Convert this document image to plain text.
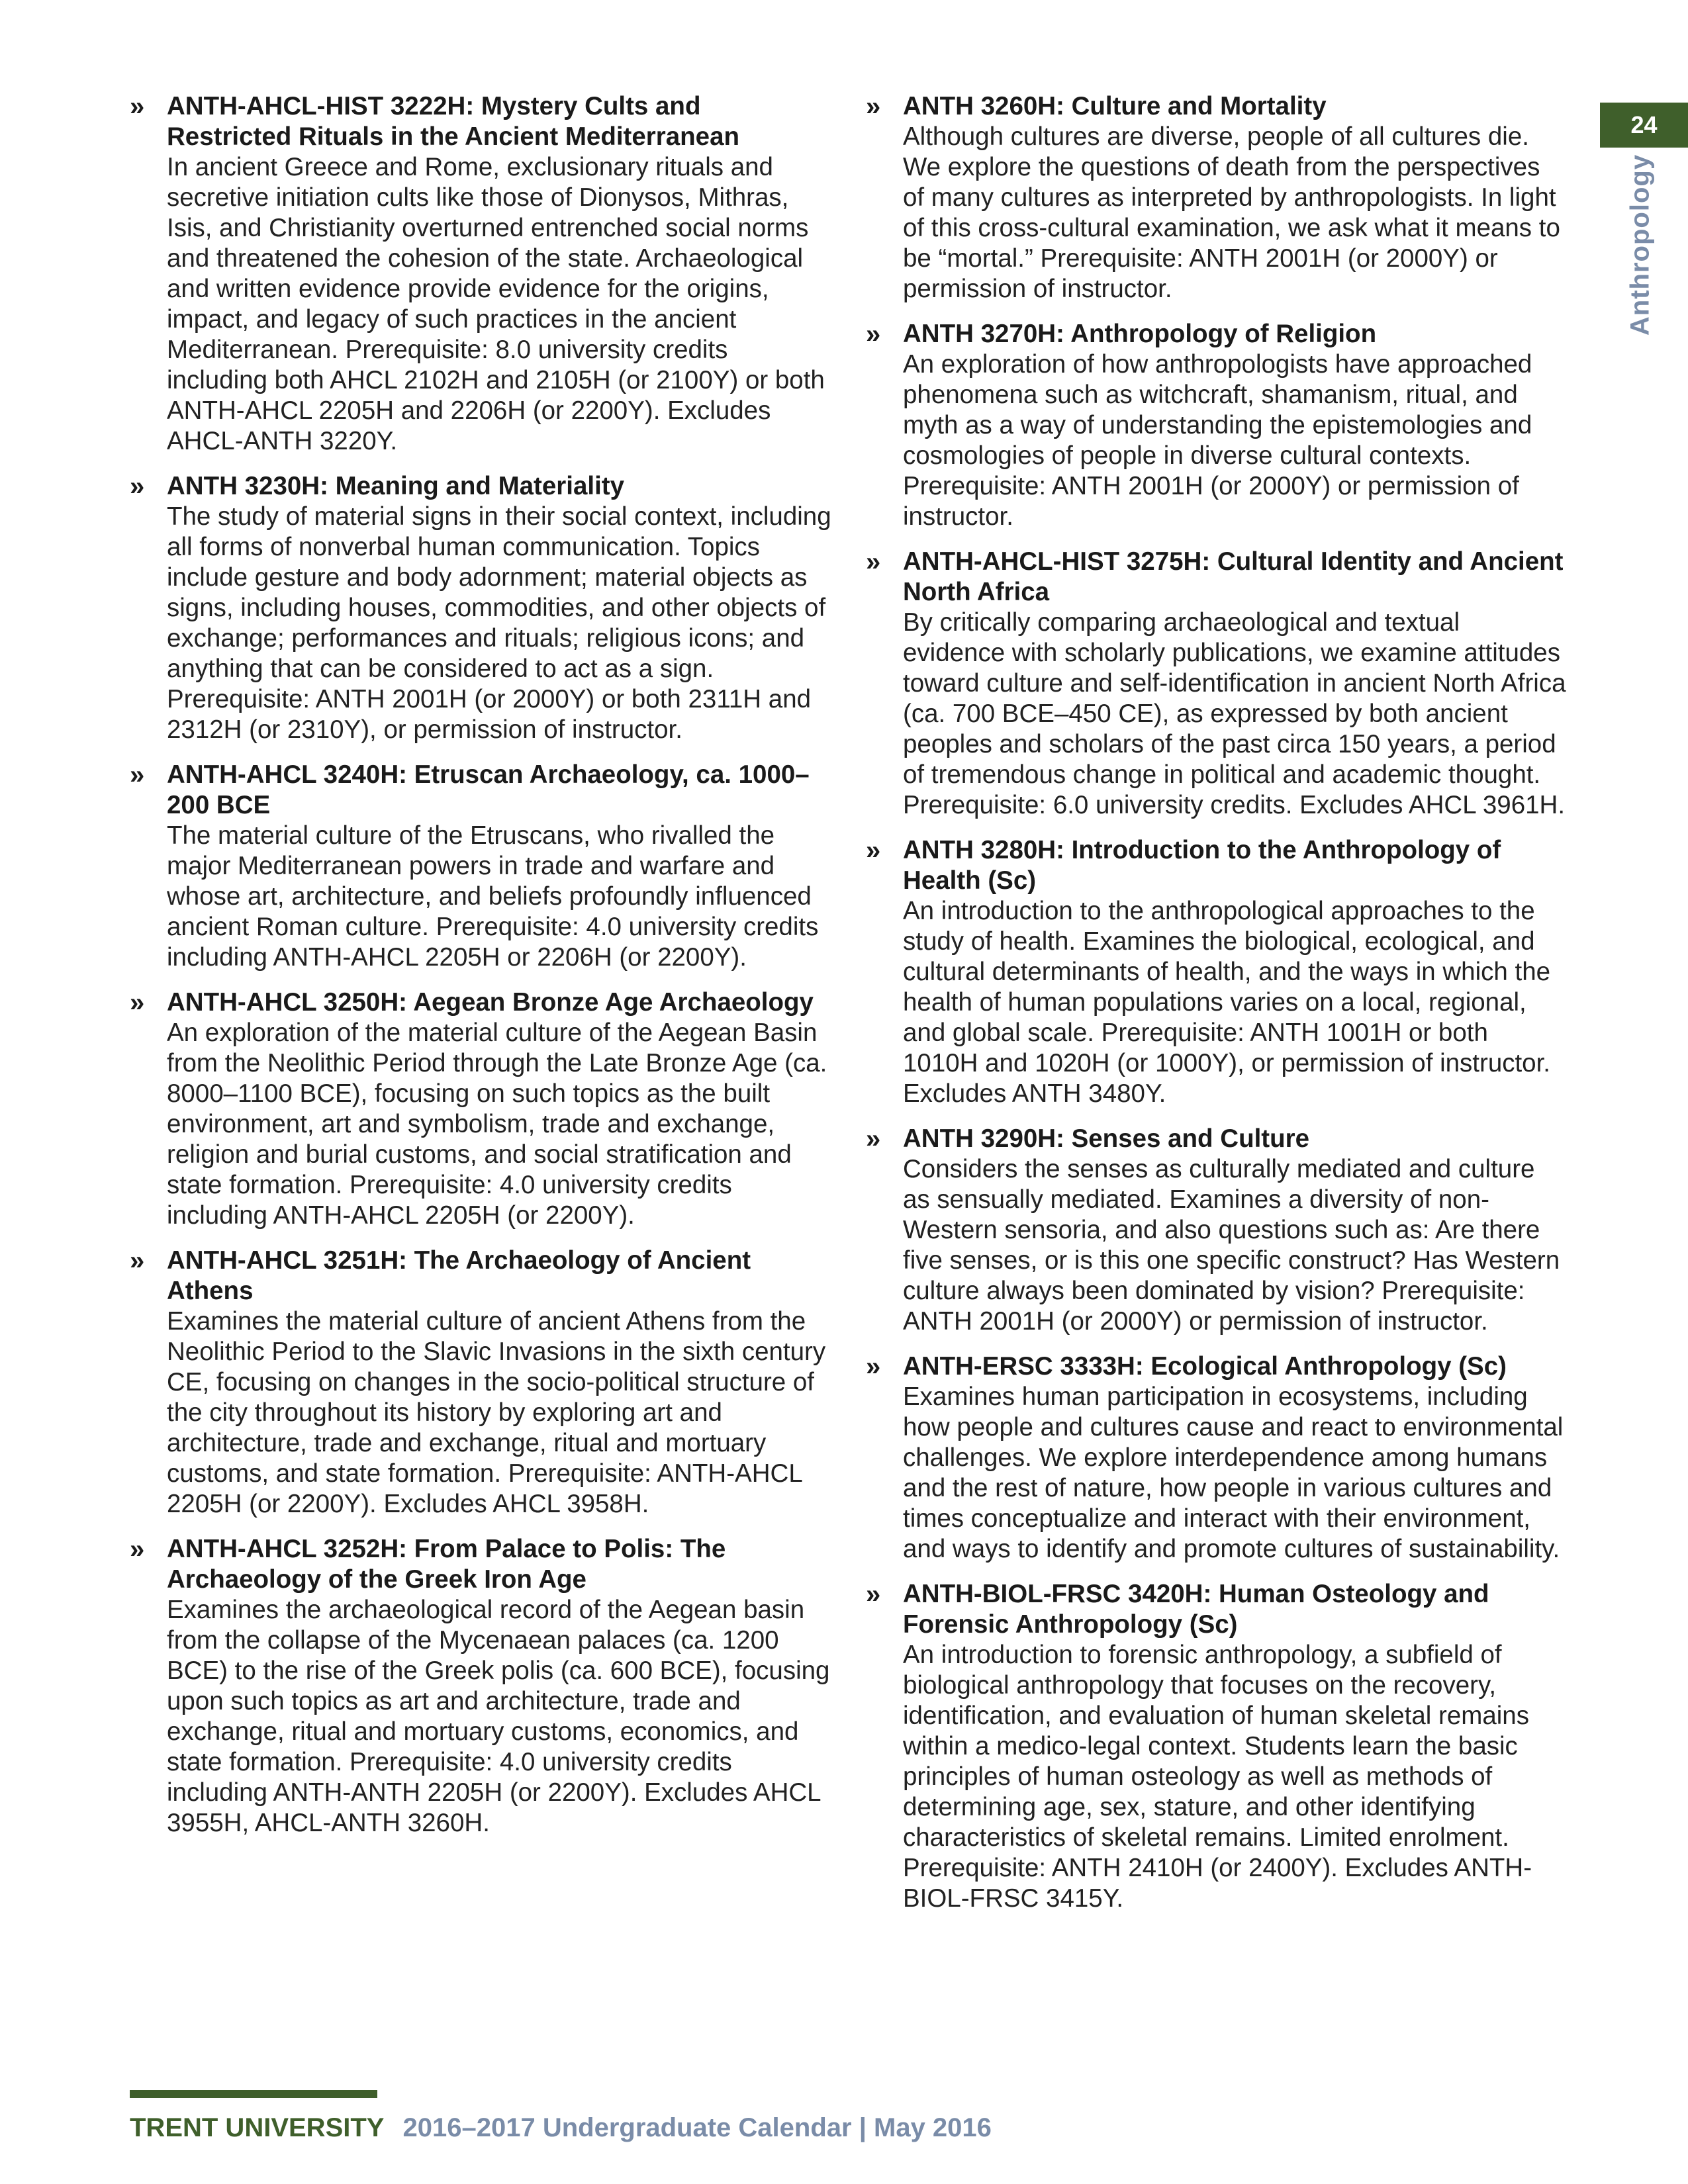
24
Anthropology
» ANTH-AHCL-HIST 3222H: Mystery Cults and Restricted Rituals in the Ancient Mediterranean
In ancient Greece and Rome, exclusionary rituals and secretive initiation cults like those of Dionysos, Mithras, Isis, and Christianity overturned entrenched social norms and threatened the cohesion of the state. Archaeological and written evidence provide evidence for the origins, impact, and legacy of such practices in the ancient Mediterranean. Prerequisite: 8.0 university credits including both AHCL 2102H and 2105H (or 2100Y) or both ANTH-AHCL 2205H and 2206H (or 2200Y). Excludes AHCL-ANTH 3220Y.
» ANTH 3230H: Meaning and Materiality
The study of material signs in their social context, including all forms of nonverbal human communication. Topics include gesture and body adornment; material objects as signs, including houses, commodities, and other objects of exchange; performances and rituals; religious icons; and anything that can be considered to act as a sign. Prerequisite: ANTH 2001H (or 2000Y) or both 2311H and 2312H (or 2310Y), or permission of instructor.
» ANTH-AHCL 3240H: Etruscan Archaeology, ca. 1000–200 BCE
The material culture of the Etruscans, who rivalled the major Mediterranean powers in trade and warfare and whose art, architecture, and beliefs profoundly influenced ancient Roman culture. Prerequisite: 4.0 university credits including ANTH-AHCL 2205H or 2206H (or 2200Y).
» ANTH-AHCL 3250H: Aegean Bronze Age Archaeology
An exploration of the material culture of the Aegean Basin from the Neolithic Period through the Late Bronze Age (ca. 8000–1100 BCE), focusing on such topics as the built environment, art and symbolism, trade and exchange, religion and burial customs, and social stratification and state formation. Prerequisite: 4.0 university credits including ANTH-AHCL 2205H (or 2200Y).
» ANTH-AHCL 3251H: The Archaeology of Ancient Athens
Examines the material culture of ancient Athens from the Neolithic Period to the Slavic Invasions in the sixth century CE, focusing on changes in the socio-political structure of the city throughout its history by exploring art and architecture, trade and exchange, ritual and mortuary customs, and state formation. Prerequisite: ANTH-AHCL 2205H (or 2200Y). Excludes AHCL 3958H.
» ANTH-AHCL 3252H: From Palace to Polis: The Archaeology of the Greek Iron Age
Examines the archaeological record of the Aegean basin from the collapse of the Mycenaean palaces (ca. 1200 BCE) to the rise of the Greek polis (ca. 600 BCE), focusing upon such topics as art and architecture, trade and exchange, ritual and mortuary customs, economics, and state formation. Prerequisite: 4.0 university credits including ANTH-ANTH 2205H (or 2200Y). Excludes AHCL 3955H, AHCL-ANTH 3260H.
» ANTH 3260H: Culture and Mortality
Although cultures are diverse, people of all cultures die. We explore the questions of death from the perspectives of many cultures as interpreted by anthropologists. In light of this cross-cultural examination, we ask what it means to be “mortal.” Prerequisite: ANTH 2001H (or 2000Y) or permission of instructor.
» ANTH 3270H: Anthropology of Religion
An exploration of how anthropologists have approached phenomena such as witchcraft, shamanism, ritual, and myth as a way of understanding the epistemologies and cosmologies of people in diverse cultural contexts. Prerequisite: ANTH 2001H (or 2000Y) or permission of instructor.
» ANTH-AHCL-HIST 3275H: Cultural Identity and Ancient North Africa
By critically comparing archaeological and textual evidence with scholarly publications, we examine attitudes toward culture and self-identification in ancient North Africa (ca. 700 BCE–450 CE), as expressed by both ancient peoples and scholars of the past circa 150 years, a period of tremendous change in political and academic thought. Prerequisite: 6.0 university credits. Excludes AHCL 3961H.
» ANTH 3280H: Introduction to the Anthropology of Health (Sc)
An introduction to the anthropological approaches to the study of health. Examines the biological, ecological, and cultural determinants of health, and the ways in which the health of human populations varies on a local, regional, and global scale. Prerequisite: ANTH 1001H or both 1010H and 1020H (or 1000Y), or permission of instructor. Excludes ANTH 3480Y.
» ANTH 3290H: Senses and Culture
Considers the senses as culturally mediated and culture as sensually mediated. Examines a diversity of non-Western sensoria, and also questions such as: Are there five senses, or is this one specific construct? Has Western culture always been dominated by vision? Prerequisite: ANTH 2001H (or 2000Y) or permission of instructor.
» ANTH-ERSC 3333H: Ecological Anthropology (Sc)
Examines human participation in ecosystems, including how people and cultures cause and react to environmental challenges. We explore interdependence among humans and the rest of nature, how people in various cultures and times conceptualize and interact with their environment, and ways to identify and promote cultures of sustainability.
» ANTH-BIOL-FRSC 3420H: Human Osteology and Forensic Anthropology (Sc)
An introduction to forensic anthropology, a subfield of biological anthropology that focuses on the recovery, identification, and evaluation of human skeletal remains within a medico-legal context. Students learn the basic principles of human osteology as well as methods of determining age, sex, stature, and other identifying characteristics of skeletal remains. Limited enrolment. Prerequisite: ANTH 2410H (or 2400Y). Excludes ANTH-BIOL-FRSC 3415Y.
TRENT UNIVERSITY 2016–2017 Undergraduate Calendar | May 2016
